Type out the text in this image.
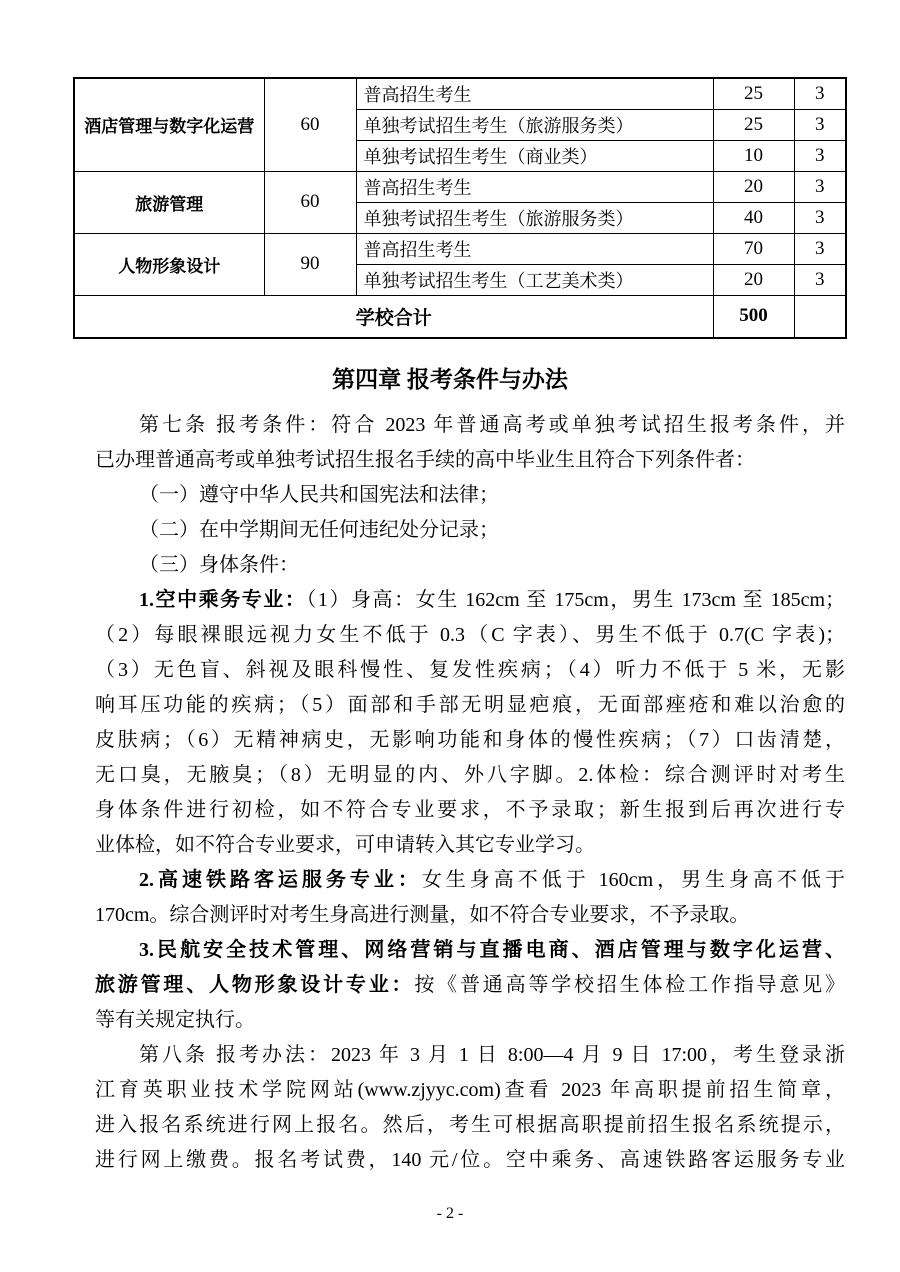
酒店管理与数字化运营	60	普高招生考生	25	3
		单独考试招生考生（旅游服务类）	25	3
		单独考试招生考生（商业类）	10	3
旅游管理	60	普高招生考生	20	3
		单独考试招生考生（旅游服务类）	40	3
人物形象设计	90	普高招生考生	70	3
		单独考试招生考生（工艺美术类）	20	3
学校合计			500	
第四章 报考条件与办法
第七条 报考条件：符合 2023 年普通高考或单独考试招生报考条件，并
已办理普通高考或单独考试招生报名手续的高中毕业生且符合下列条件者：
（一）遵守中华人民共和国宪法和法律；
（二）在中学期间无任何违纪处分记录；
（三）身体条件：
1.空中乘务专业：（1）身高：女生 162cm 至 175cm，男生 173cm 至 185cm；
（2）每眼裸眼远视力女生不低于 0.3（C 字表）、男生不低于 0.7(C 字表)；
（3）无色盲、斜视及眼科慢性、复发性疾病；（4）听力不低于 5 米，无影
响耳压功能的疾病；（5）面部和手部无明显疤痕，无面部痤疮和难以治愈的
皮肤病；（6）无精神病史，无影响功能和身体的慢性疾病；（7）口齿清楚，
无口臭，无腋臭；（8）无明显的内、外八字脚。2.体检：综合测评时对考生
身体条件进行初检，如不符合专业要求，不予录取；新生报到后再次进行专
业体检，如不符合专业要求，可申请转入其它专业学习。
2.高速铁路客运服务专业：女生身高不低于 160cm，男生身高不低于
170cm。综合测评时对考生身高进行测量，如不符合专业要求，不予录取。
3.民航安全技术管理、网络营销与直播电商、酒店管理与数字化运营、
旅游管理、人物形象设计专业：按《普通高等学校招生体检工作指导意见》
等有关规定执行。
第八条 报考办法：2023 年 3 月 1 日 8:00—4 月 9 日 17:00，考生登录浙
江育英职业技术学院网站(www.zjyyc.com)查看 2023 年高职提前招生简章，
进入报名系统进行网上报名。然后，考生可根据高职提前招生报名系统提示，
进行网上缴费。报名考试费，140 元/位。空中乘务、高速铁路客运服务专业
- 2 -
